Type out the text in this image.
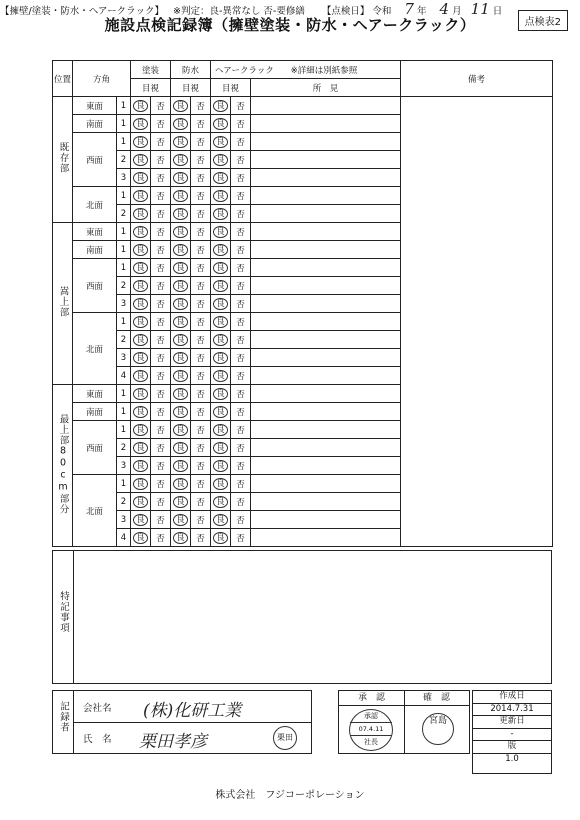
施設点検記録簿（擁壁塗装・防水・ヘアークラック）	点検表2
【擁壁/塗装・防水・ヘアークラック】 ※判定：良-異常なし 否-要修繕 【点検日】 令和 7 年 4 月 11 日
位置	方角		塗装		防水		ヘアークラック ※詳細は別紙参照			備考
			目視		目視		目視		所　見	
既存部	東面	1	良	否	良	否	良	否		
	南面	1	良	否	良	否	良	否		
	西面	1	良	否	良	否	良	否		
		2	良	否	良	否	良	否		
		3	良	否	良	否	良	否		
	北面	1	良	否	良	否	良	否		
		2	良	否	良	否	良	否		
嵩上部	東面	1	良	否	良	否	良	否		
	南面	1	良	否	良	否	良	否		
	西面	1	良	否	良	否	良	否		
		2	良	否	良	否	良	否		
		3	良	否	良	否	良	否		
	北面	1	良	否	良	否	良	否		
		2	良	否	良	否	良	否		
		3	良	否	良	否	良	否		
		4	良	否	良	否	良	否		
最上部80cm部分	東面	1	良	否	良	否	良	否		
	南面	1	良	否	良	否	良	否		
	西面	1	良	否	良	否	良	否		
		2	良	否	良	否	良	否		
		3	良	否	良	否	良	否		
	北面	1	良	否	良	否	良	否		
		2	良	否	良	否	良	否		
		3	良	否	良	否	良	否		
		4	良	否	良	否	良	否		
特記事項
記録者 会社名 (株)化研工業
氏　名 栗田孝彦	栗田
承　認	確　認
承認
07.4.11
社長
宮島
作成日
2014.7.31
更新日
-
版
1.0
株式会社　フジコーポレーション
